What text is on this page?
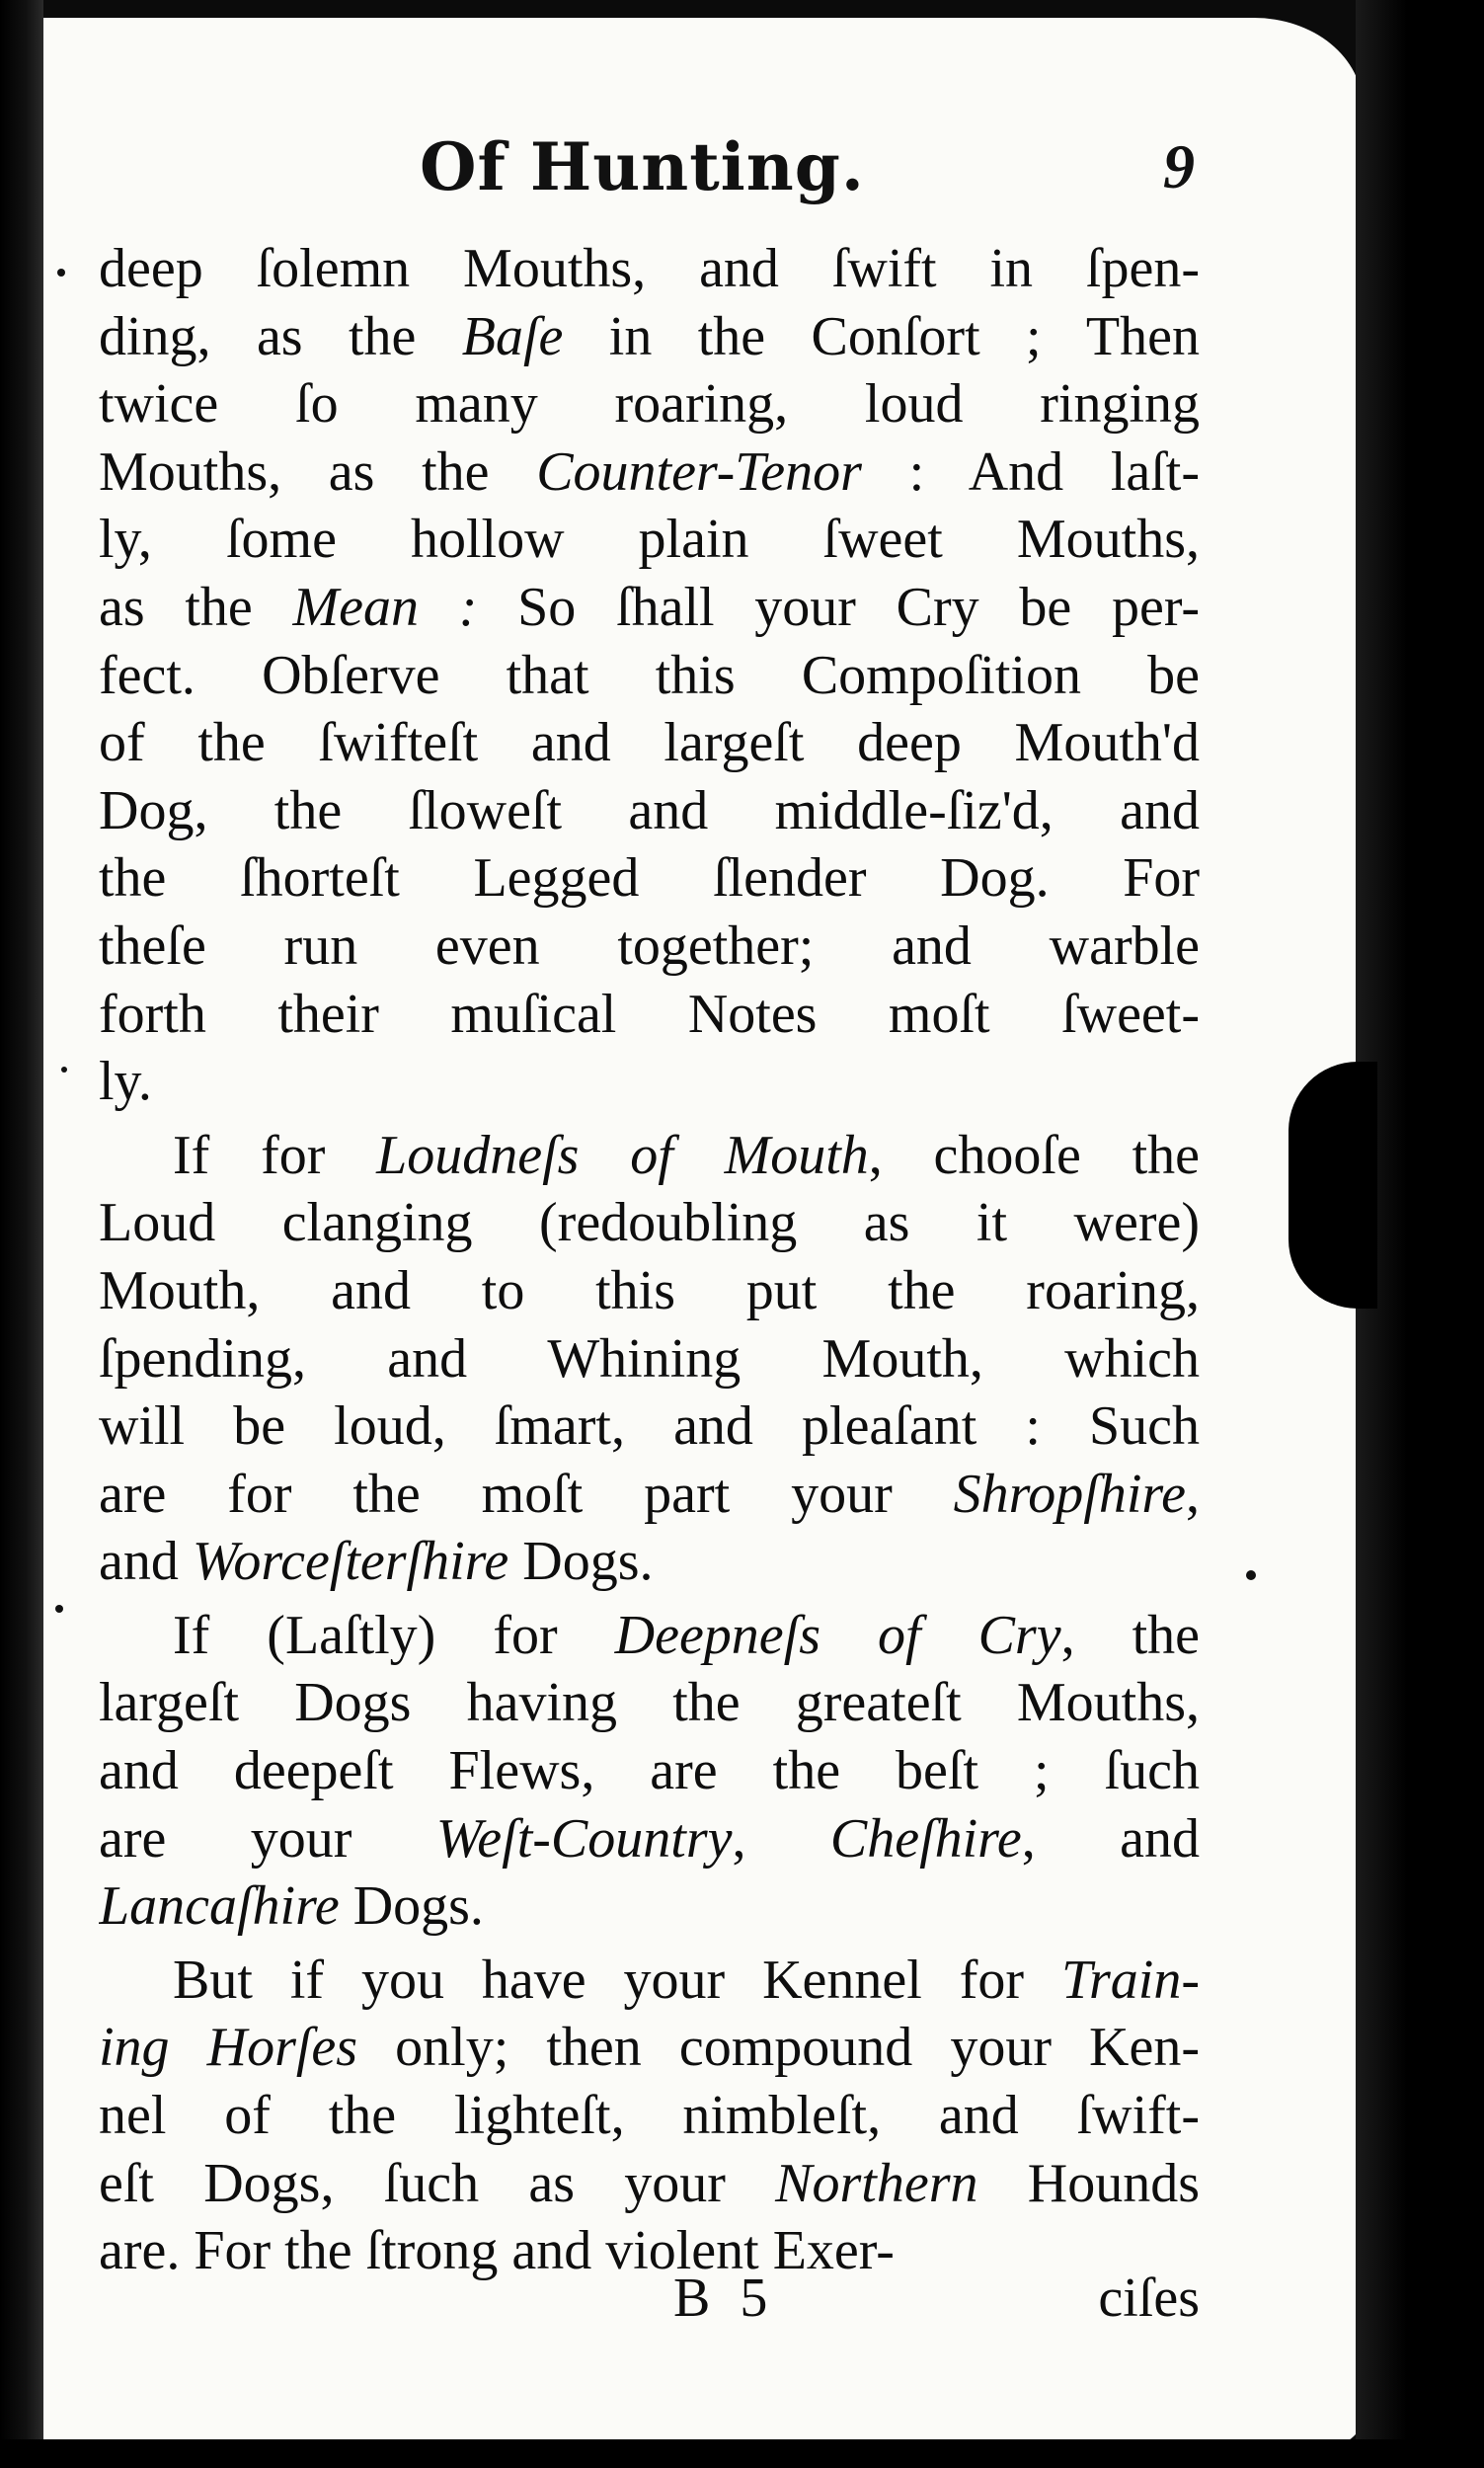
Of Hunting.	9
deep ſolemn Mouths, and ſwift in ſpen-
ding, as the Baſe in the Conſort ; Then
twice ſo many roaring, loud ringing
Mouths, as the Counter-Tenor : And laſt-
ly, ſome hollow plain ſweet Mouths,
as the Mean : So ſhall your Cry be per-
fect. Obſerve that this Compoſition be
of the ſwifteſt and largeſt deep Mouth'd
Dog, the ſloweſt and middle-ſiz'd, and
the ſhorteſt Legged ſlender Dog. For
theſe run even together; and warble
forth their muſical Notes moſt ſweet-
ly.
If for Loudneſs of Mouth, chooſe the
Loud clanging (redoubling as it were)
Mouth, and to this put the roaring,
ſpending, and Whining Mouth, which
will be loud, ſmart, and pleaſant : Such
are for the moſt part your Shropſhire,
and Worceſterſhire Dogs.
If (Laſtly) for Deepneſs of Cry, the
largeſt Dogs having the greateſt Mouths,
and deepeſt Flews, are the beſt ; ſuch
are your Weſt-Country, Cheſhire, and
Lancaſhire Dogs.
But if you have your Kennel for Train-
ing Horſes only; then compound your Ken-
nel of the lighteſt, nimbleſt, and ſwift-
eſt Dogs, ſuch as your Northern Hounds
are. For the ſtrong and violent Exer-
B 5	ciſes
